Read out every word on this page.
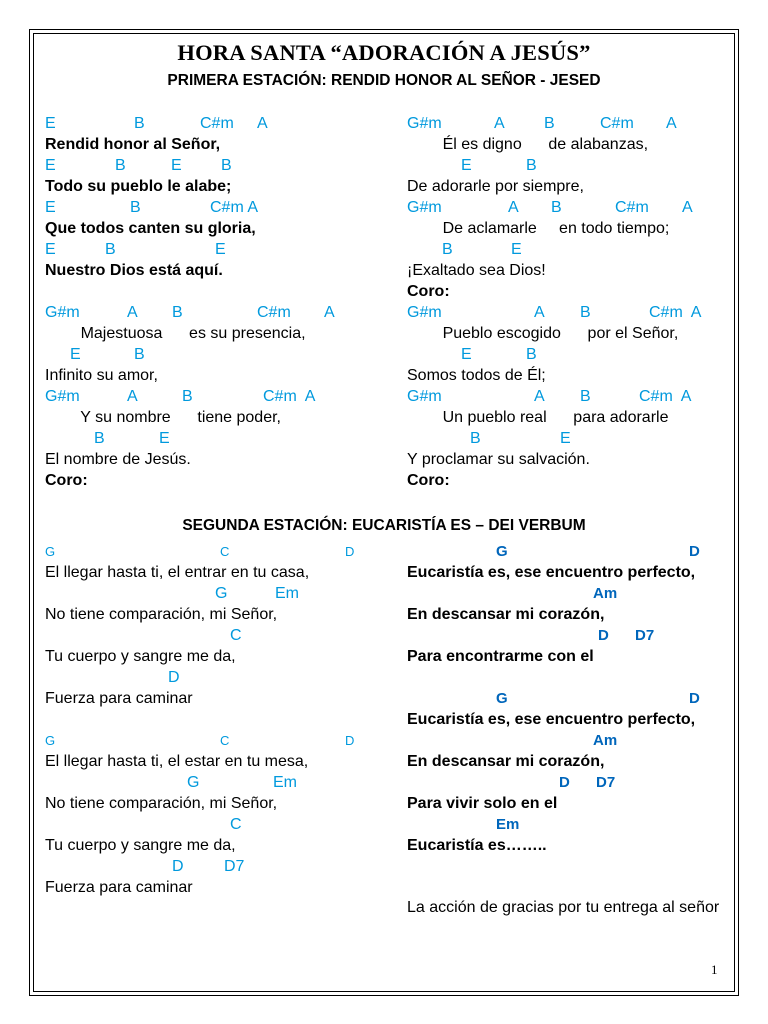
HORA SANTA “ADORACIÓN A JESÚS”
PRIMERA ESTACIÓN: RENDID HONOR AL SEÑOR - JESED

E

	B

	C#m

A

Rendid honor al Señor,

E

	B

	E

B

Todo su pueblo le alabe;

E

	B

	C#m A

Que todos canten su gloria,

E

	B

	E

Nuestro Dios está aquí.

G#m

	A

B

	C#m

A

Majestuosa      es su presencia,

E

	B

Infinito su amor,

G#m

	A

	B

	C#m  A

Y su nombre      tiene poder,

B

	E

El nombre de Jesús.
Coro:

G#m

	A

B

	C#m

A

Él es digno      de alabanzas,

E

	B

De adorarle por siempre,

G#m

	A

B

	C#m

A

De aclamarle     en todo tiempo;

B

	E

¡Exaltado sea Dios!
Coro:

G#m

	A

B

	C#m  A

Pueblo escogido      por el Señor,

E

	B

Somos todos de Él;

G#m

	A

B

	C#m  A

Un pueblo real      para adorarle

B

	E

Y proclamar su salvación.
Coro:
SEGUNDA ESTACIÓN: EUCARISTÍA ES – DEI VERBUM

G

	C

	D

El llegar hasta ti, el entrar en tu casa,

G

	Em

No tiene comparación, mi Señor,

C

Tu cuerpo y sangre me da,

D

Fuerza para caminar

G

	C

	D

El llegar hasta ti, el estar en tu mesa,

G

	Em

No tiene comparación, mi Señor,

C

Tu cuerpo y sangre me da,

D

	D7

Fuerza para caminar

G

	D

Eucaristía es, ese encuentro perfecto,

Am

En descansar mi corazón,

D

D7

Para encontrarme con el

G

	D

Eucaristía es, ese encuentro perfecto,

Am

En descansar mi corazón,

D

D7

Para vivir solo en el

Em

Eucaristía es……..
La acción de gracias por tu entrega al señor
1
